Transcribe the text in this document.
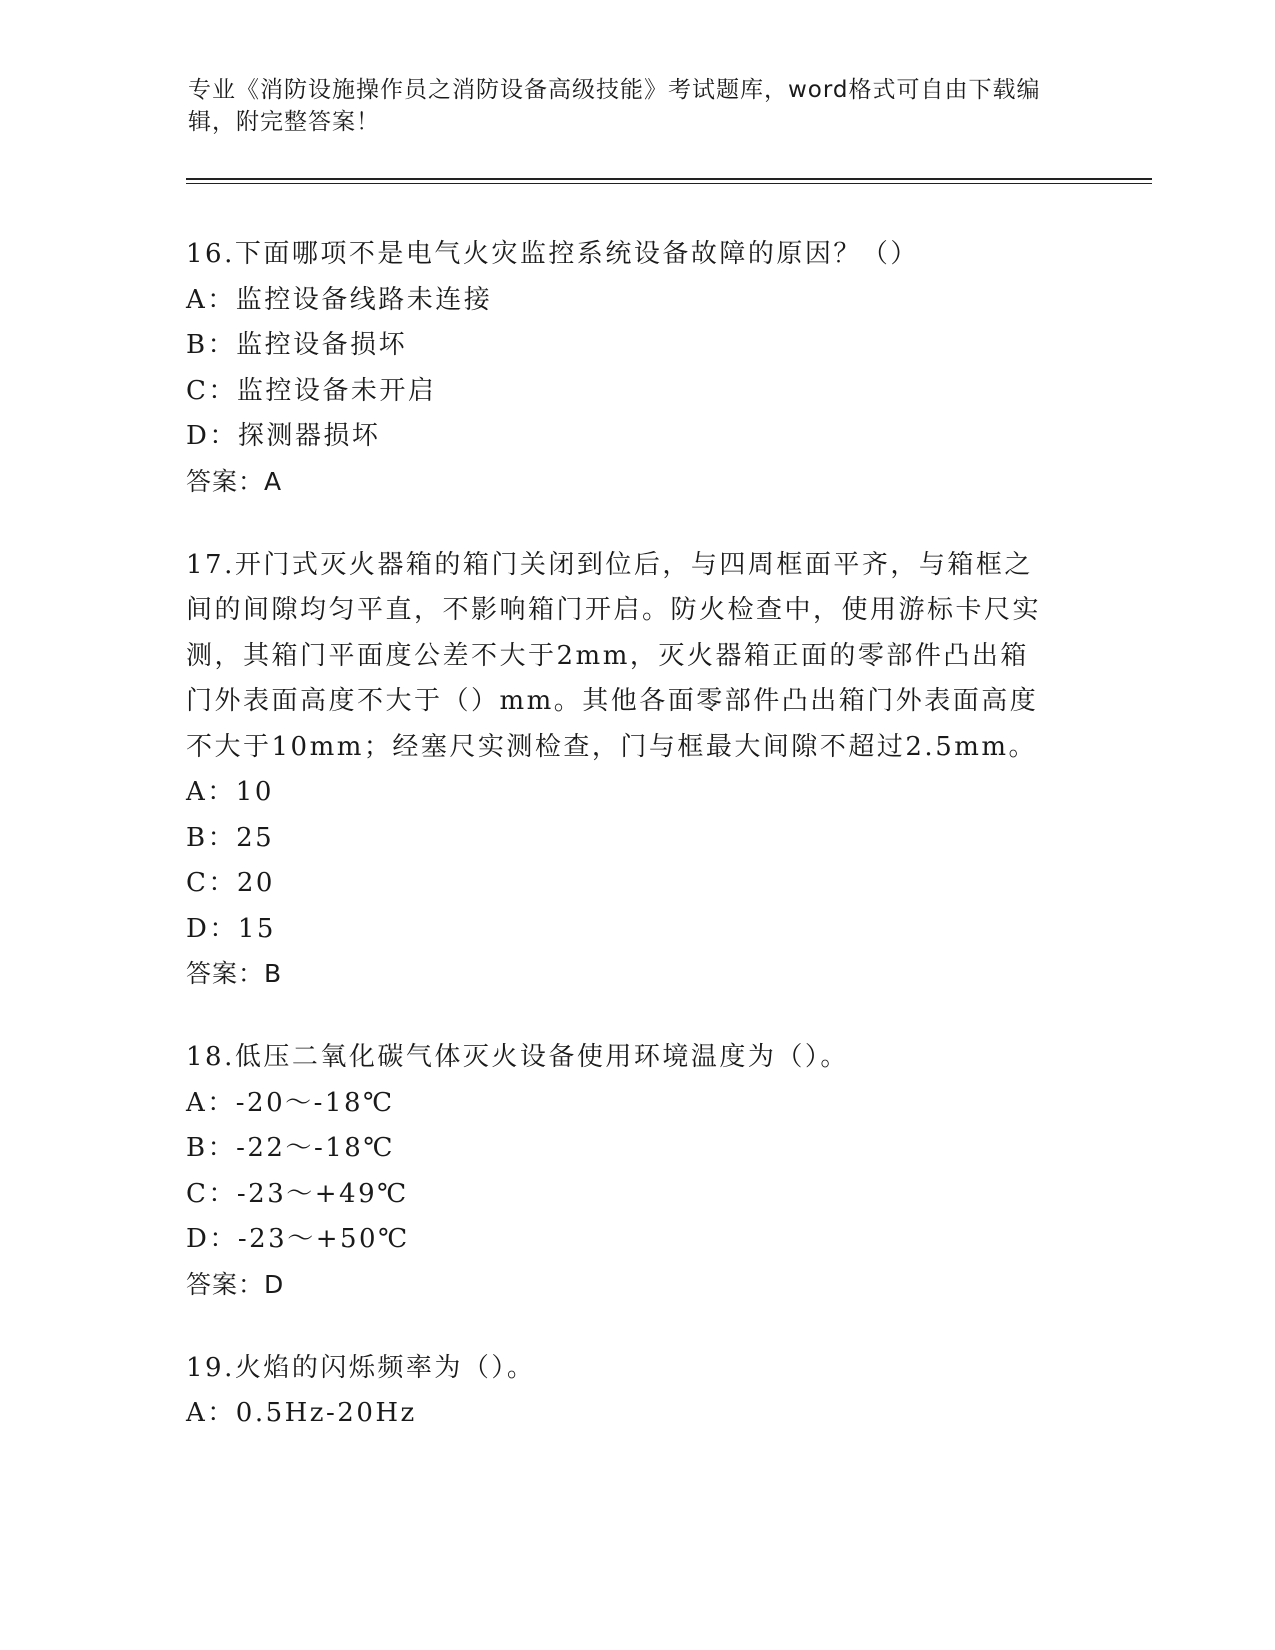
专业《消防设施操作员之消防设备高级技能》考试题库，word格式可自由下载编辑，附完整答案！

16.下面哪项不是电气火灾监控系统设备故障的原因？（）

A：监控设备线路未连接

B：监控设备损坏

C：监控设备未开启

D：探测器损坏

答案：A

17.开门式灭火器箱的箱门关闭到位后，与四周框面平齐，与箱框之间的间隙均匀平直，不影响箱门开启。防火检查中，使用游标卡尺实测，其箱门平面度公差不大于2mm，灭火器箱正面的零部件凸出箱门外表面高度不大于（）mm。其他各面零部件凸出箱门外表面高度不大于10mm；经塞尺实测检查，门与框最大间隙不超过2.5mm。

A：10

B：25

C：20

D：15

答案：B

18.低压二氧化碳气体灭火设备使用环境温度为（）。

A：-20～-18℃

B：-22～-18℃

C：-23～+49℃

D：-23～+50℃

答案：D

19.火焰的闪烁频率为（）。

A：0.5Hz-20Hz
